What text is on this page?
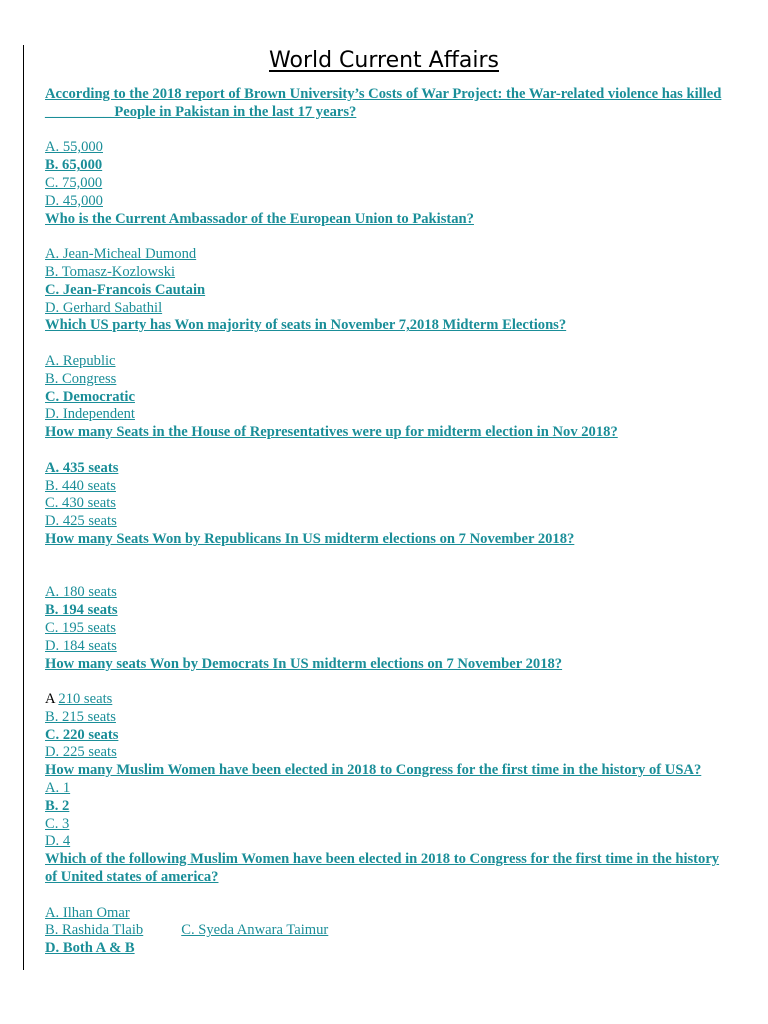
World Current Affairs

According to the 2018 report of Brown University’s Costs of War Project: the War-related violence has killed _________ People in Pakistan in the last 17 years?

A. 55,000

B. 65,000

C. 75,000

D. 45,000

Who is the Current Ambassador of the European Union to Pakistan?

A. Jean-Micheal Dumond

B. Tomasz-Kozlowski

C. Jean-Francois Cautain

D. Gerhard Sabathil

Which US party has Won majority of seats in November 7,2018 Midterm Elections?

A. Republic

B. Congress

C. Democratic

D. Independent

How many Seats in the House of Representatives were up for midterm election in Nov 2018?

A. 435 seats

B. 440 seats

C. 430 seats

D. 425 seats

How many Seats Won by Republicans In US midterm elections on 7 November 2018?

A. 180 seats

B. 194 seats

C. 195 seats

D. 184 seats

How many seats Won by Democrats In US midterm elections on 7 November 2018?

A 210 seats

B. 215 seats

C. 220 seats

D. 225 seats

How many Muslim Women have been elected in 2018 to Congress for the first time in the history of USA?

A. 1

B. 2

C. 3

D. 4

Which of the following Muslim Women have been elected in 2018 to Congress for the first time in the history of United states of america?

A. Ilhan Omar

B. Rashida Tlaib	C. Syeda Anwara Taimur

D. Both A & B
